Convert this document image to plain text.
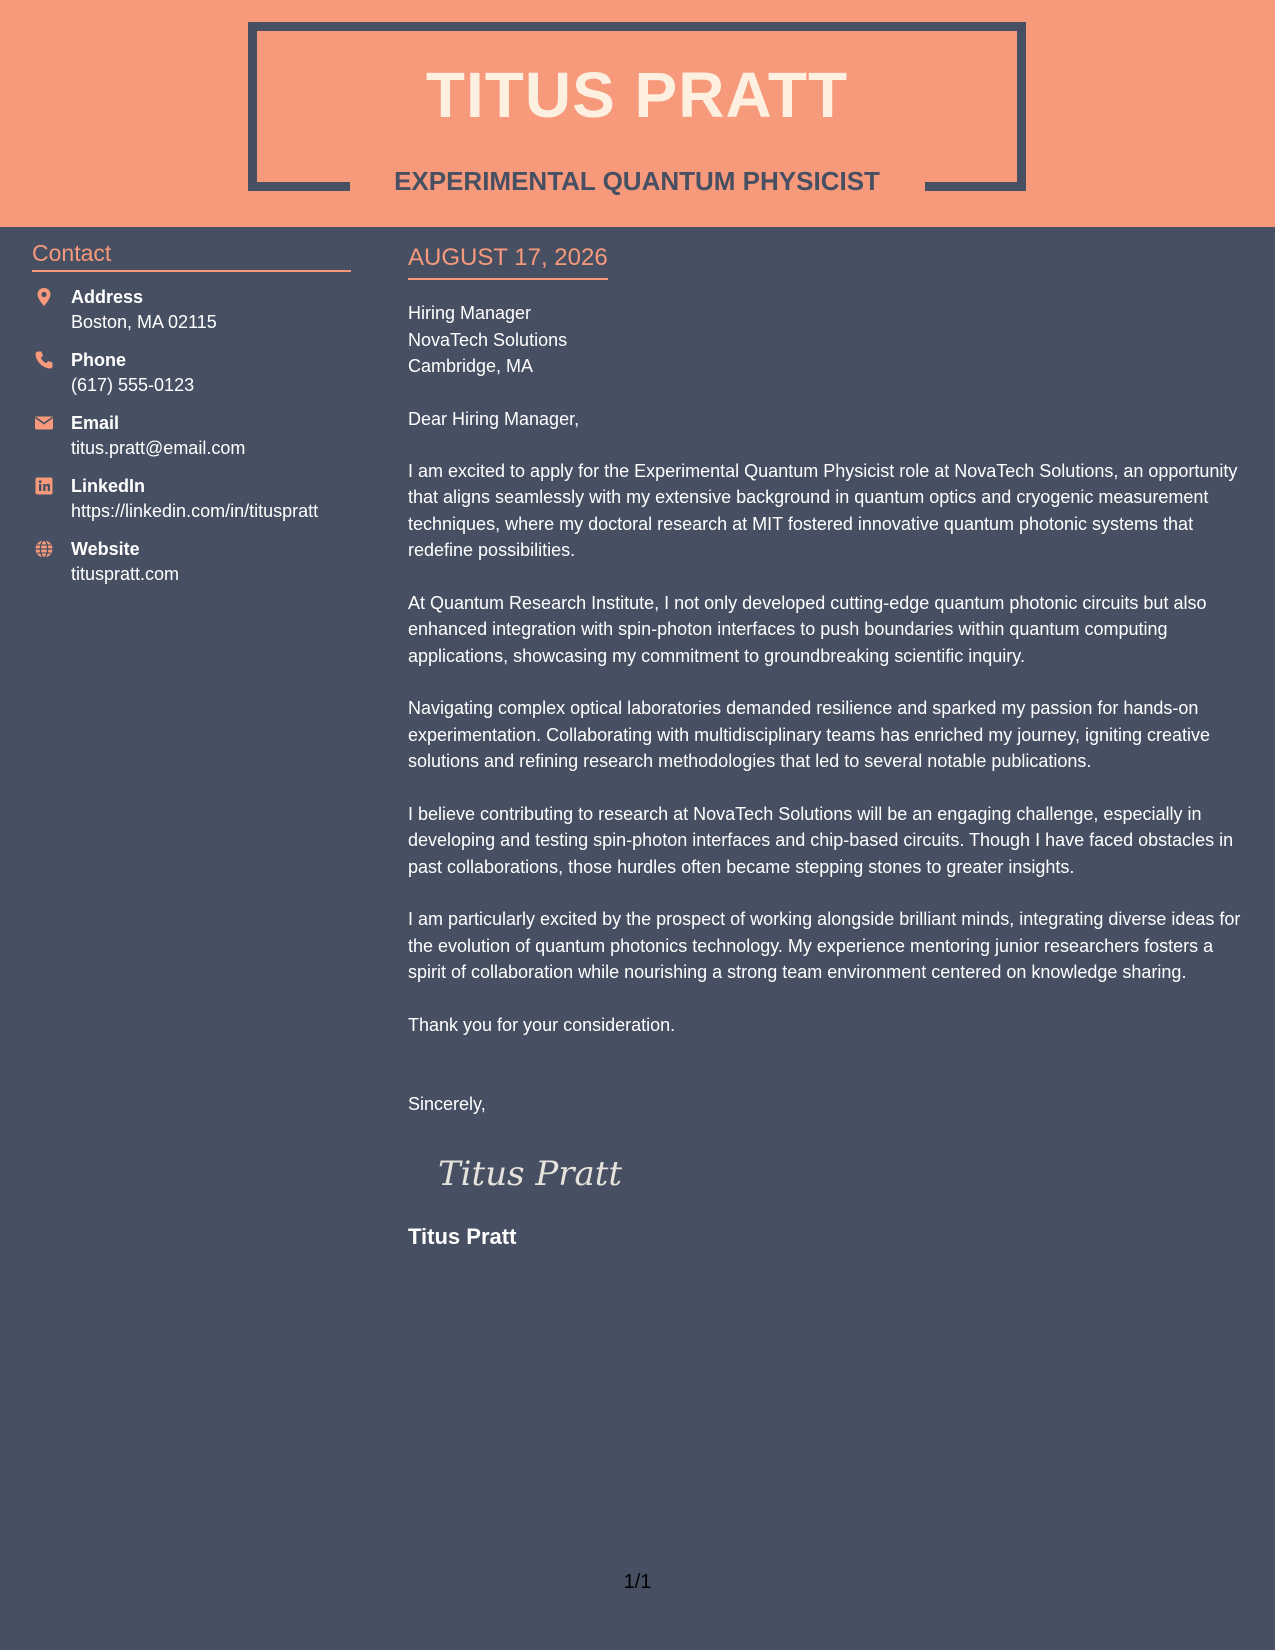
TITUS PRATT
EXPERIMENTAL QUANTUM PHYSICIST
Contact
Address
Boston, MA 02115
Phone
(617) 555-0123
Email
titus.pratt@email.com
LinkedIn
https://linkedin.com/in/tituspratt
Website
tituspratt.com
AUGUST 17, 2026
Hiring Manager
NovaTech Solutions
Cambridge, MA
Dear Hiring Manager,
I am excited to apply for the Experimental Quantum Physicist role at NovaTech Solutions, an opportunity that aligns seamlessly with my extensive background in quantum optics and cryogenic measurement techniques, where my doctoral research at MIT fostered innovative quantum photonic systems that redefine possibilities.
At Quantum Research Institute, I not only developed cutting-edge quantum photonic circuits but also enhanced integration with spin-photon interfaces to push boundaries within quantum computing applications, showcasing my commitment to groundbreaking scientific inquiry.
Navigating complex optical laboratories demanded resilience and sparked my passion for hands-on experimentation. Collaborating with multidisciplinary teams has enriched my journey, igniting creative solutions and refining research methodologies that led to several notable publications.
I believe contributing to research at NovaTech Solutions will be an engaging challenge, especially in developing and testing spin-photon interfaces and chip-based circuits. Though I have faced obstacles in past collaborations, those hurdles often became stepping stones to greater insights.
I am particularly excited by the prospect of working alongside brilliant minds, integrating diverse ideas for the evolution of quantum photonics technology. My experience mentoring junior researchers fosters a spirit of collaboration while nourishing a strong team environment centered on knowledge sharing.
Thank you for your consideration.
Sincerely,
Titus Pratt
Titus Pratt
1/1
